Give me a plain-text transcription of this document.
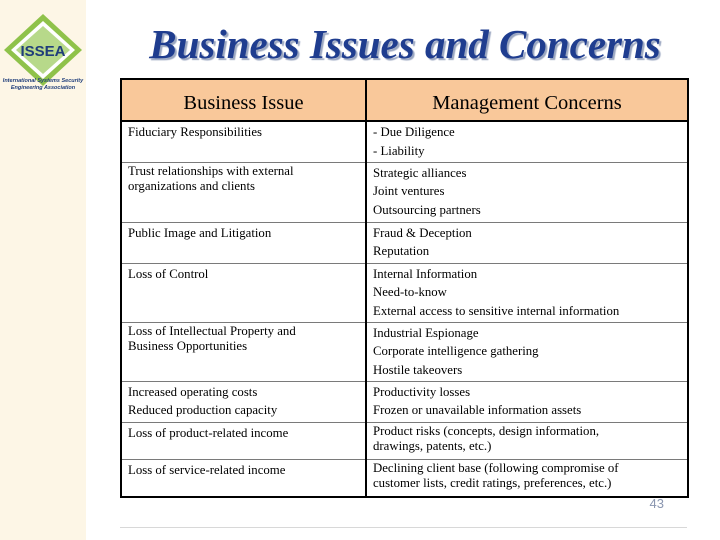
ISSEA
International Systems Security
Engineering Association
Business Issues and Concerns
Business Issue	Management Concerns

Fiduciary Responsibilities	- Due Diligence
- Liability

Trust relationships with external
organizations and clients	Strategic alliances
Joint ventures
Outsourcing partners

Public Image and Litigation	Fraud & Deception
Reputation

Loss of Control	Internal Information
Need-to-know
External access to sensitive internal information

Loss of Intellectual Property and
Business Opportunities	Industrial Espionage
Corporate intelligence gathering
Hostile takeovers

Increased operating costs
Reduced production capacity	Productivity losses
Frozen or unavailable information assets

Loss of product-related income	Product risks (concepts, design information,
drawings, patents, etc.)

Loss of service-related income	Declining client base (following compromise of
customer lists, credit ratings, preferences, etc.)
43
